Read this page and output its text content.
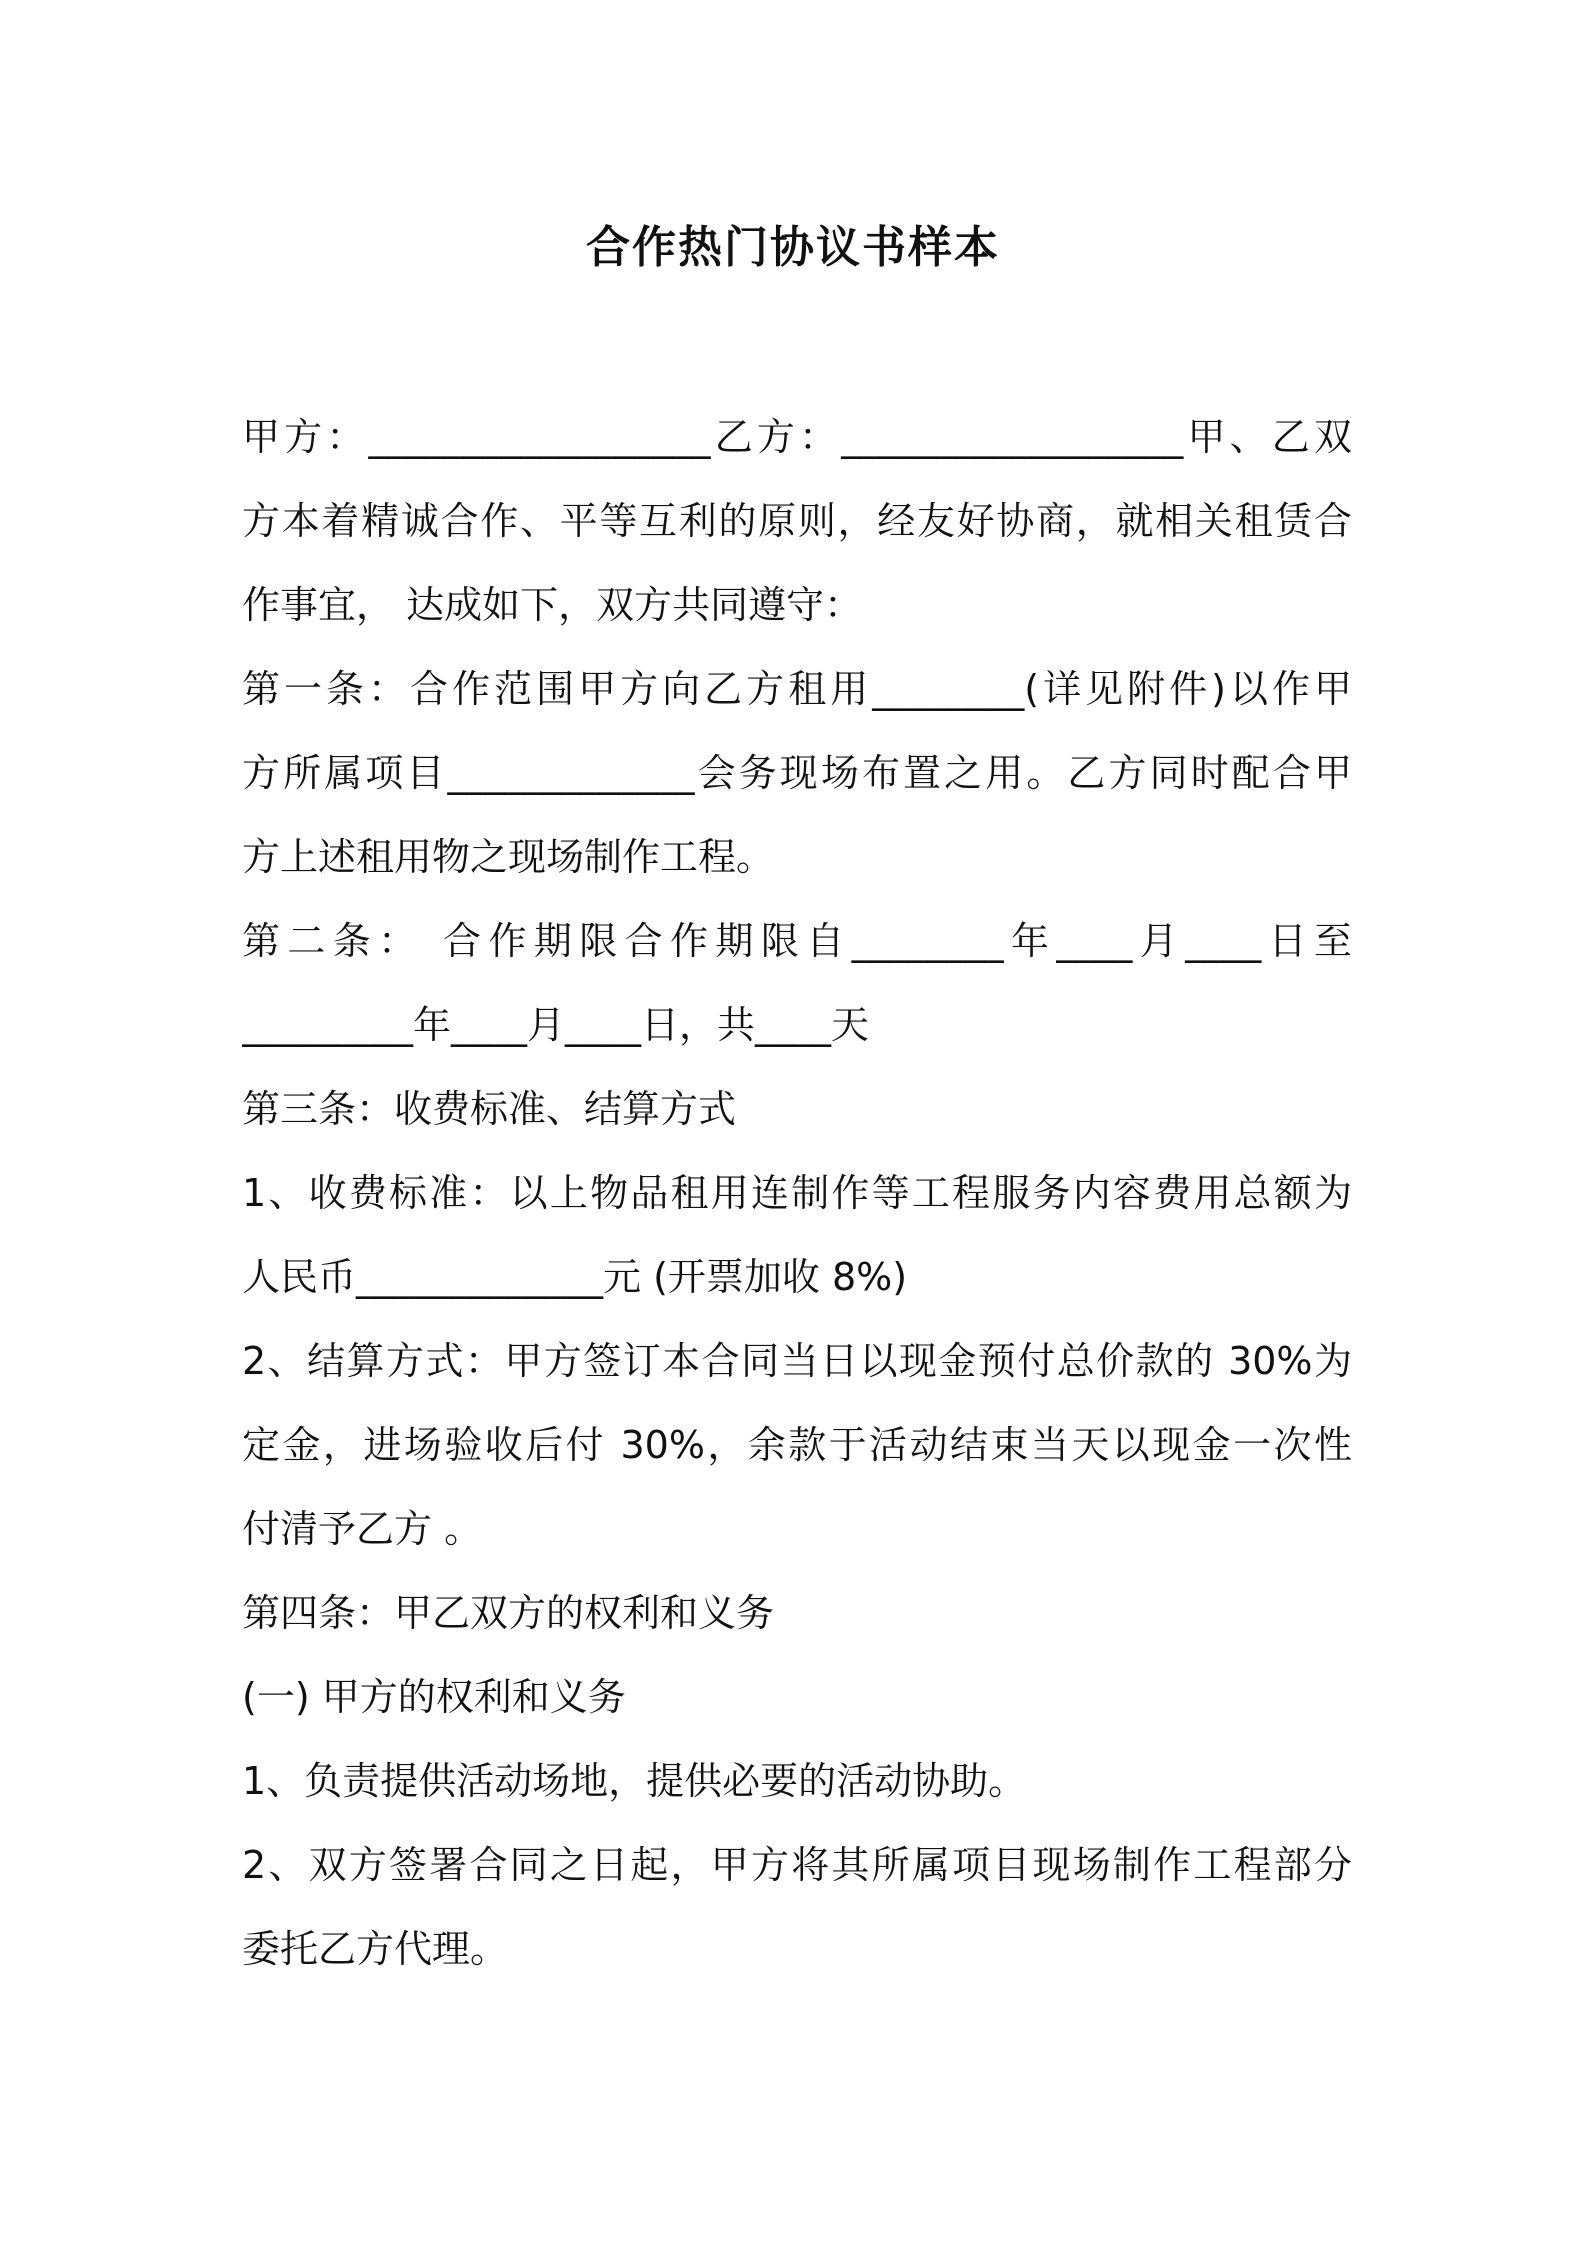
合作热门协议书样本
甲方：__________________乙方：__________________甲、乙双
方本着精诚合作、平等互利的原则，经友好协商，就相关租赁合
作事宜， 达成如下，双方共同遵守：
第一条：合作范围甲方向乙方租用________(详见附件)以作甲
方所属项目_____________会务现场布置之用。乙方同时配合甲
方上述租用物之现场制作工程。
第二条： 合作期限合作期限自________年____月____日至
_________年____月____日，共____天
第三条：收费标准、结算方式
1、收费标准：以上物品租用连制作等工程服务内容费用总额为
人民币_____________元 (开票加收 8%)
2、结算方式：甲方签订本合同当日以现金预付总价款的 30%为
定金，进场验收后付 30%，余款于活动结束当天以现金一次性
付清予乙方 。
第四条：甲乙双方的权利和义务
(一) 甲方的权利和义务
1、负责提供活动场地，提供必要的活动协助。
2、双方签署合同之日起，甲方将其所属项目现场制作工程部分
委托乙方代理。
